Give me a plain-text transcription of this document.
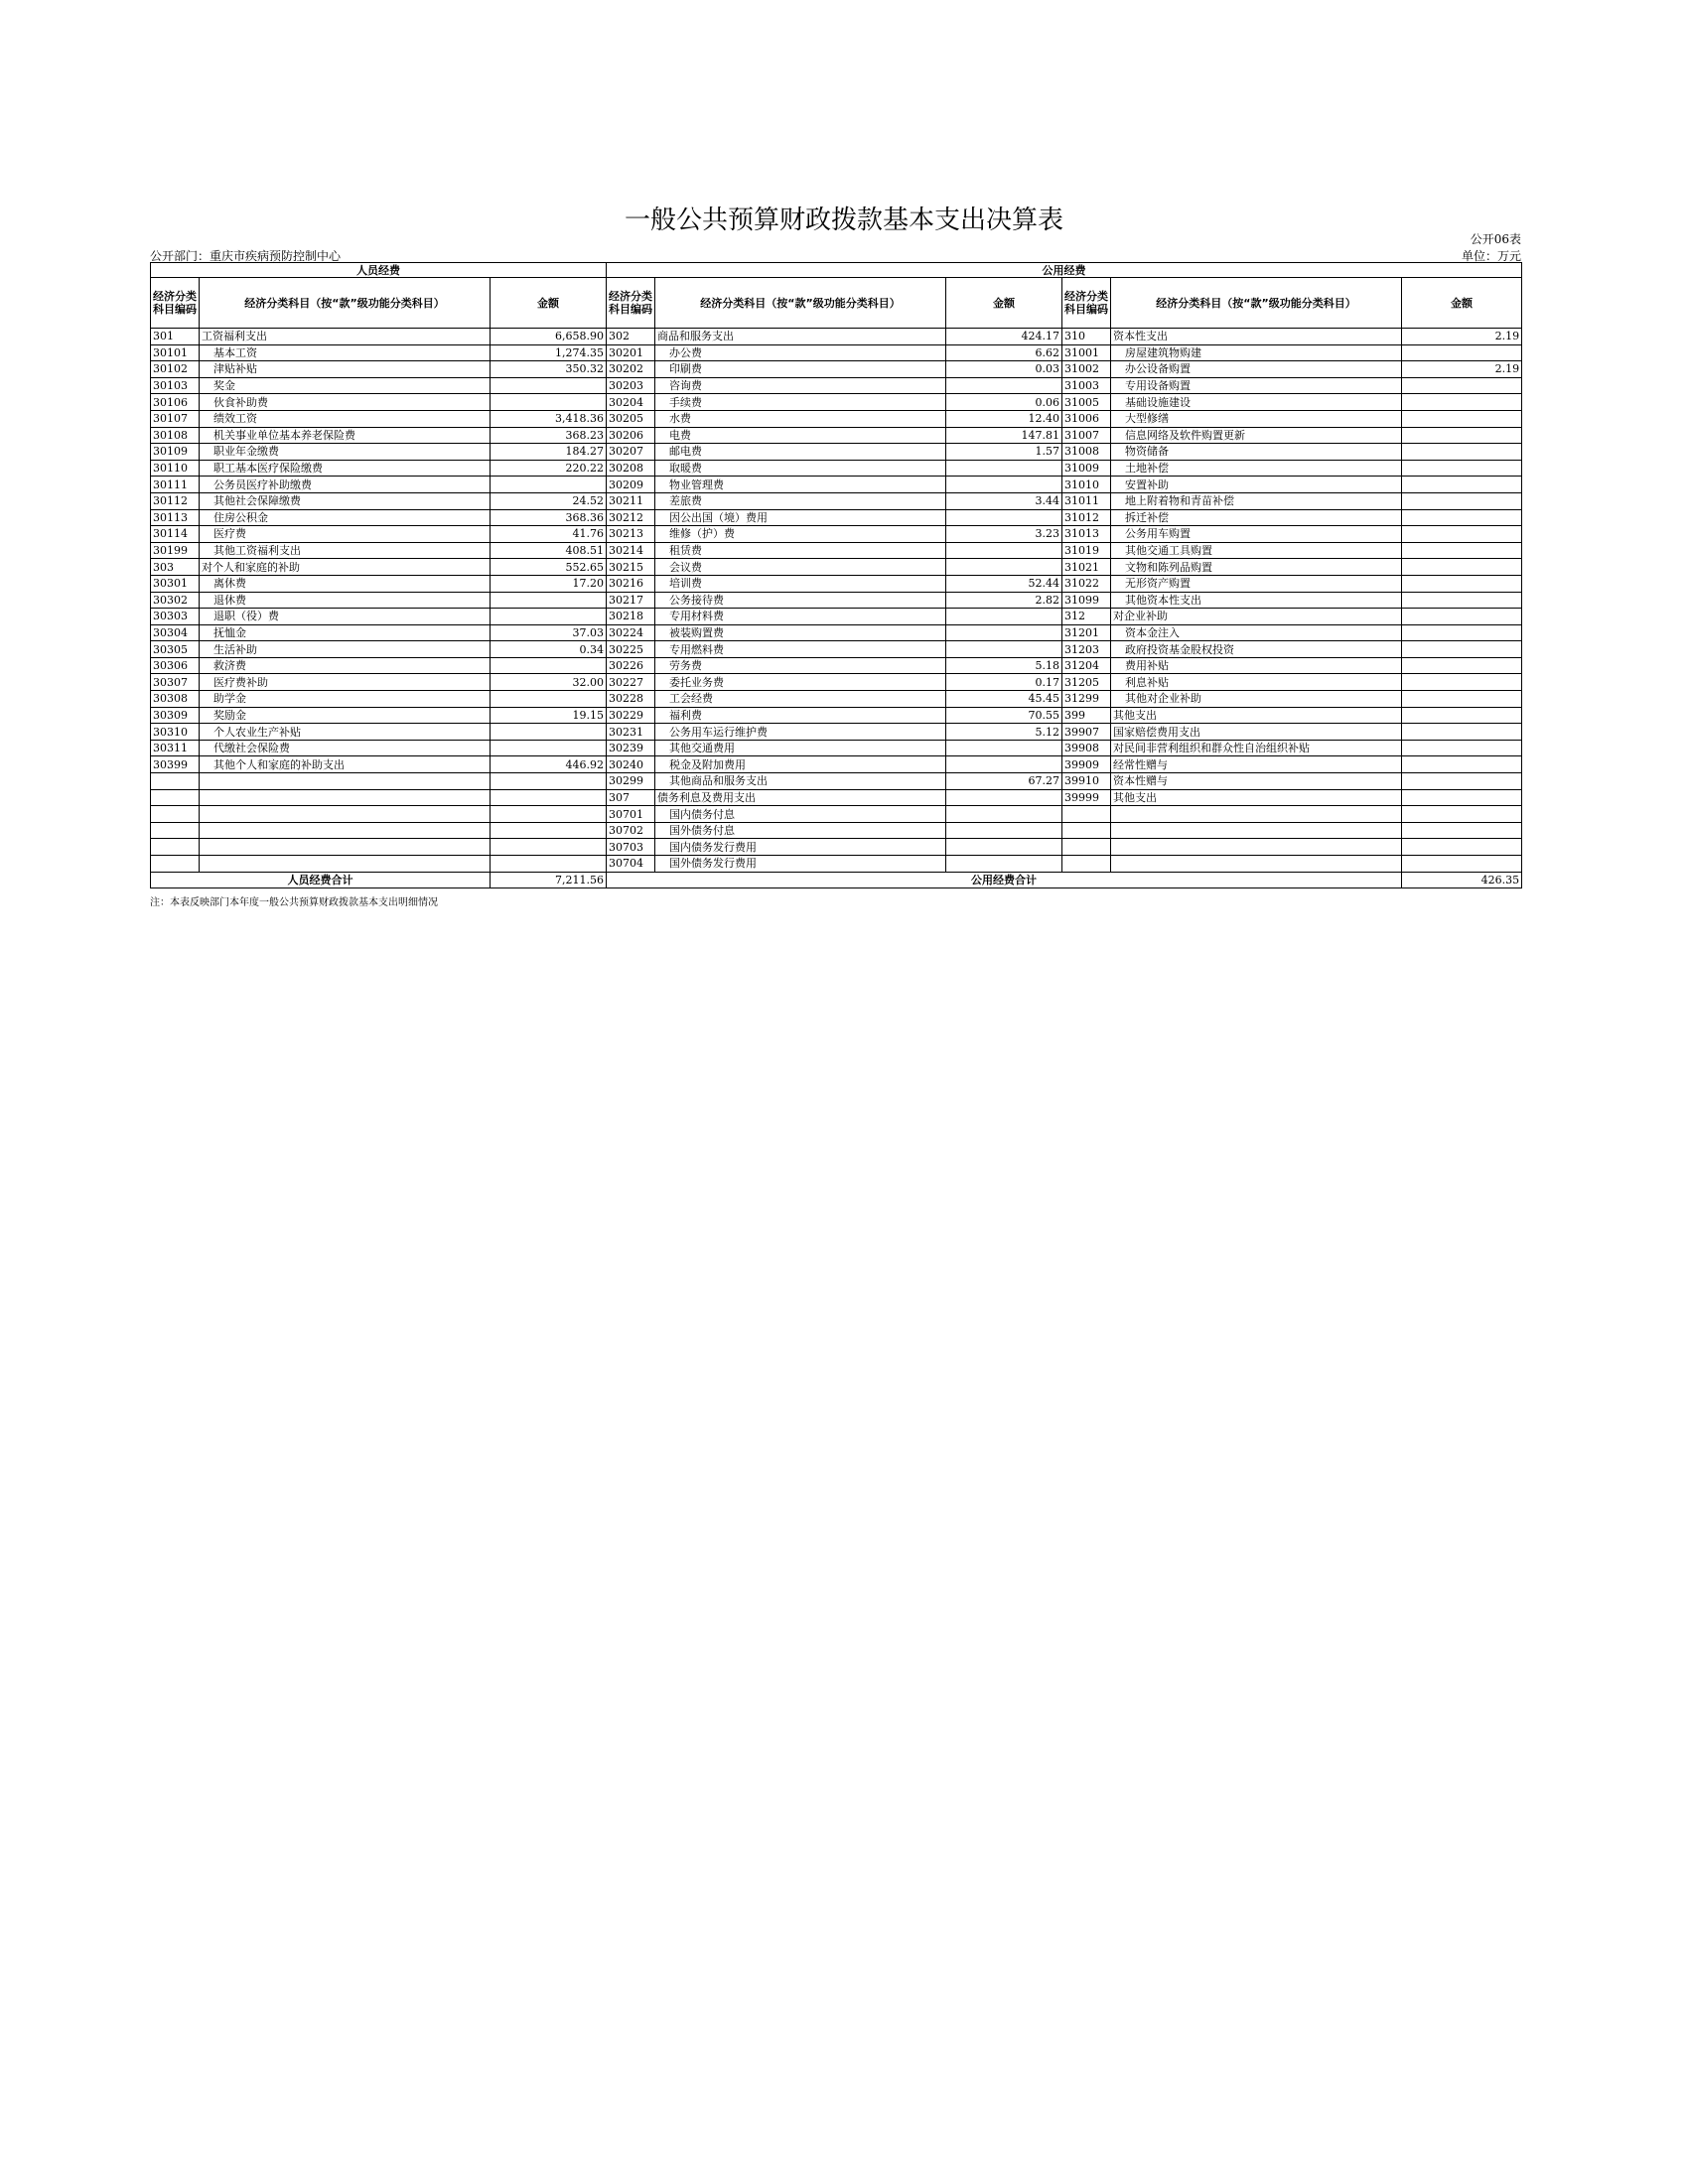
一般公共预算财政拨款基本支出决算表
公开06表
公开部门：重庆市疾病预防控制中心	单位：万元
人员经费			公用经费					
经济分类科目编码	经济分类科目（按“款”级功能分类科目）	金额	经济分类科目编码	经济分类科目（按“款”级功能分类科目）	金额	经济分类科目编码	经济分类科目（按“款”级功能分类科目）	金额
301	工资福利支出	6,658.90	302	商品和服务支出	424.17	310	资本性支出	2.19
30101	基本工资	1,274.35	30201	办公费	6.62	31001	房屋建筑物购建	
30102	津贴补贴	350.32	30202	印刷费	0.03	31002	办公设备购置	2.19
30103	奖金		30203	咨询费		31003	专用设备购置	
30106	伙食补助费		30204	手续费	0.06	31005	基础设施建设	
30107	绩效工资	3,418.36	30205	水费	12.40	31006	大型修缮	
30108	机关事业单位基本养老保险费	368.23	30206	电费	147.81	31007	信息网络及软件购置更新	
30109	职业年金缴费	184.27	30207	邮电费	1.57	31008	物资储备	
30110	职工基本医疗保险缴费	220.22	30208	取暖费		31009	土地补偿	
30111	公务员医疗补助缴费		30209	物业管理费		31010	安置补助	
30112	其他社会保障缴费	24.52	30211	差旅费	3.44	31011	地上附着物和青苗补偿	
30113	住房公积金	368.36	30212	因公出国（境）费用		31012	拆迁补偿	
30114	医疗费	41.76	30213	维修（护）费	3.23	31013	公务用车购置	
30199	其他工资福利支出	408.51	30214	租赁费		31019	其他交通工具购置	
303	对个人和家庭的补助	552.65	30215	会议费		31021	文物和陈列品购置	
30301	离休费	17.20	30216	培训费	52.44	31022	无形资产购置	
30302	退休费		30217	公务接待费	2.82	31099	其他资本性支出	
30303	退职（役）费		30218	专用材料费		312	对企业补助	
30304	抚恤金	37.03	30224	被装购置费		31201	资本金注入	
30305	生活补助	0.34	30225	专用燃料费		31203	政府投资基金股权投资	
30306	救济费		30226	劳务费	5.18	31204	费用补贴	
30307	医疗费补助	32.00	30227	委托业务费	0.17	31205	利息补贴	
30308	助学金		30228	工会经费	45.45	31299	其他对企业补助	
30309	奖励金	19.15	30229	福利费	70.55	399	其他支出	
30310	个人农业生产补贴		30231	公务用车运行维护费	5.12	39907	国家赔偿费用支出	
30311	代缴社会保险费		30239	其他交通费用		39908	对民间非营利组织和群众性自治组织补贴	
30399	其他个人和家庭的补助支出	446.92	30240	税金及附加费用		39909	经常性赠与	
			30299	其他商品和服务支出	67.27	39910	资本性赠与	
			307	债务利息及费用支出		39999	其他支出	
			30701	国内债务付息				
			30702	国外债务付息				
			30703	国内债务发行费用				
			30704	国外债务发行费用				
人员经费合计		7,211.56	公用经费合计					426.35
注：本表反映部门本年度一般公共预算财政拨款基本支出明细情况
